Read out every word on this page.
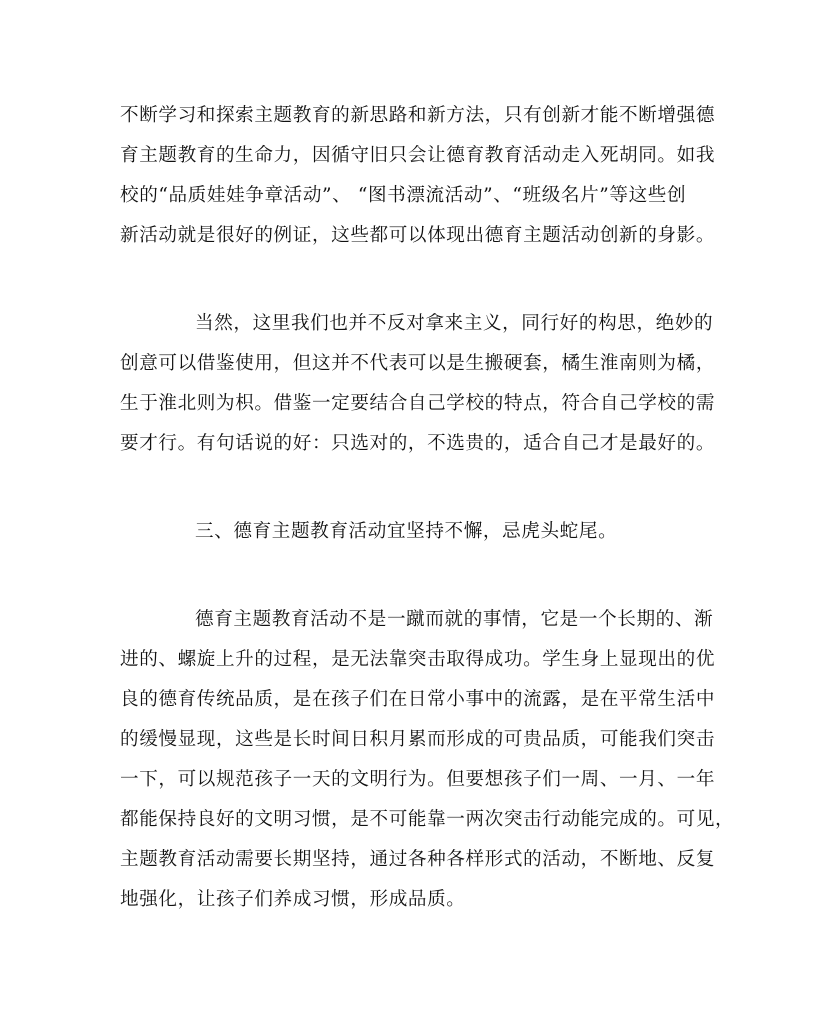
不断学习和探索主题教育的新思路和新方法，只有创新才能不断增强德
育主题教育的生命力，因循守旧只会让德育教育活动走入死胡同。如我
校的“品质娃娃争章活动”、 “图书漂流活动”、“班级名片”等这些创
新活动就是很好的例证，这些都可以体现出德育主题活动创新的身影。
当然，这里我们也并不反对拿来主义，同行好的构思，绝妙的
创意可以借鉴使用，但这并不代表可以是生搬硬套，橘生淮南则为橘，
生于淮北则为枳。借鉴一定要结合自己学校的特点，符合自己学校的需
要才行。有句话说的好：只选对的，不选贵的，适合自己才是最好的。
三、德育主题教育活动宜坚持不懈，忌虎头蛇尾。
德育主题教育活动不是一蹴而就的事情，它是一个长期的、渐
进的、螺旋上升的过程，是无法靠突击取得成功。学生身上显现出的优
良的德育传统品质，是在孩子们在日常小事中的流露，是在平常生活中
的缓慢显现，这些是长时间日积月累而形成的可贵品质，可能我们突击
一下，可以规范孩子一天的文明行为。但要想孩子们一周、一月、一年
都能保持良好的文明习惯，是不可能靠一两次突击行动能完成的。可见，
主题教育活动需要长期坚持，通过各种各样形式的活动，不断地、反复
地强化，让孩子们养成习惯，形成品质。
